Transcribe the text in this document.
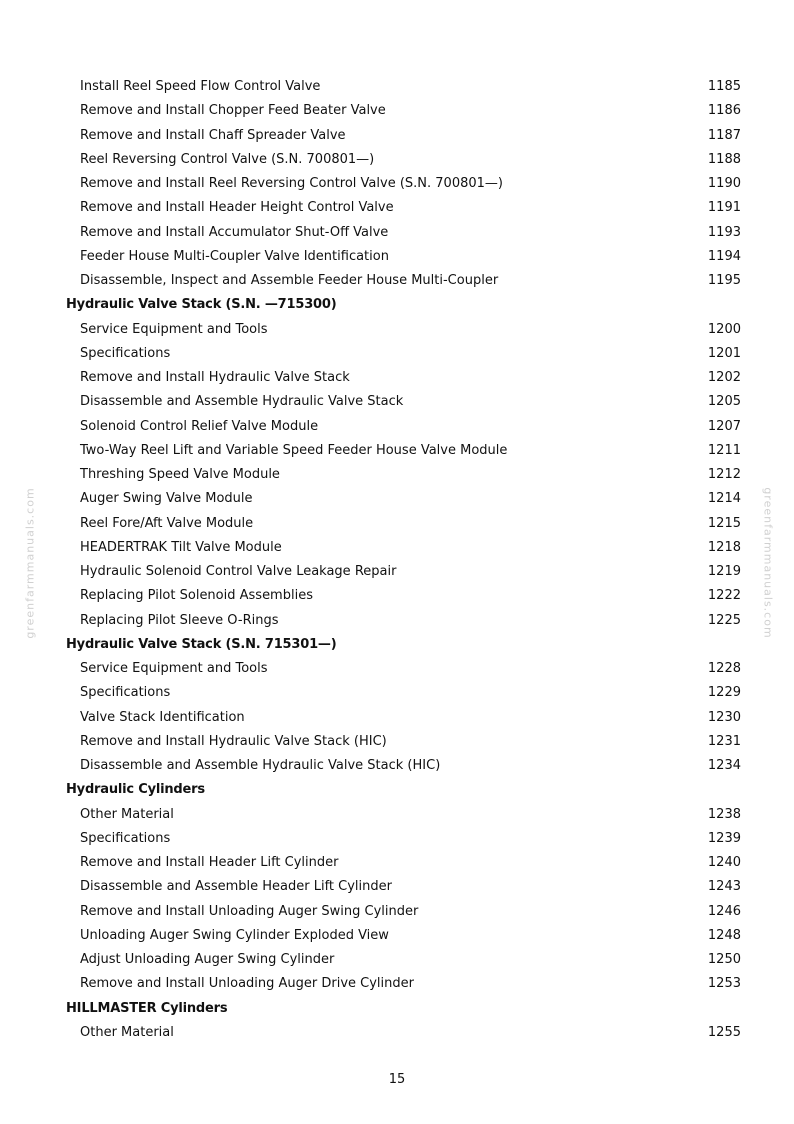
greenfarmmanuals.com	greenfarmmanuals.com
Install Reel Speed Flow Control Valve	1185
Remove and Install Chopper Feed Beater Valve	1186
Remove and Install Chaff Spreader Valve	1187
Reel Reversing Control Valve (S.N. 700801—)	1188
Remove and Install Reel Reversing Control Valve (S.N. 700801—)	1190
Remove and Install Header Height Control Valve	1191
Remove and Install Accumulator Shut-Off Valve	1193
Feeder House Multi-Coupler Valve Identification	1194
Disassemble, Inspect and Assemble Feeder House Multi-Coupler	1195
Hydraulic Valve Stack (S.N. —715300)
Service Equipment and Tools	1200
Specifications	1201
Remove and Install Hydraulic Valve Stack	1202
Disassemble and Assemble Hydraulic Valve Stack	1205
Solenoid Control Relief Valve Module	1207
Two-Way Reel Lift and Variable Speed Feeder House Valve Module	1211
Threshing Speed Valve Module	1212
Auger Swing Valve Module	1214
Reel Fore/Aft Valve Module	1215
HEADERTRAK Tilt Valve Module	1218
Hydraulic Solenoid Control Valve Leakage Repair	1219
Replacing Pilot Solenoid Assemblies	1222
Replacing Pilot Sleeve O-Rings	1225
Hydraulic Valve Stack (S.N. 715301—)
Service Equipment and Tools	1228
Specifications	1229
Valve Stack Identification	1230
Remove and Install Hydraulic Valve Stack (HIC)	1231
Disassemble and Assemble Hydraulic Valve Stack (HIC)	1234
Hydraulic Cylinders
Other Material	1238
Specifications	1239
Remove and Install Header Lift Cylinder	1240
Disassemble and Assemble Header Lift Cylinder	1243
Remove and Install Unloading Auger Swing Cylinder	1246
Unloading Auger Swing Cylinder Exploded View	1248
Adjust Unloading Auger Swing Cylinder	1250
Remove and Install Unloading Auger Drive Cylinder	1253
HILLMASTER Cylinders
Other Material	1255
15
